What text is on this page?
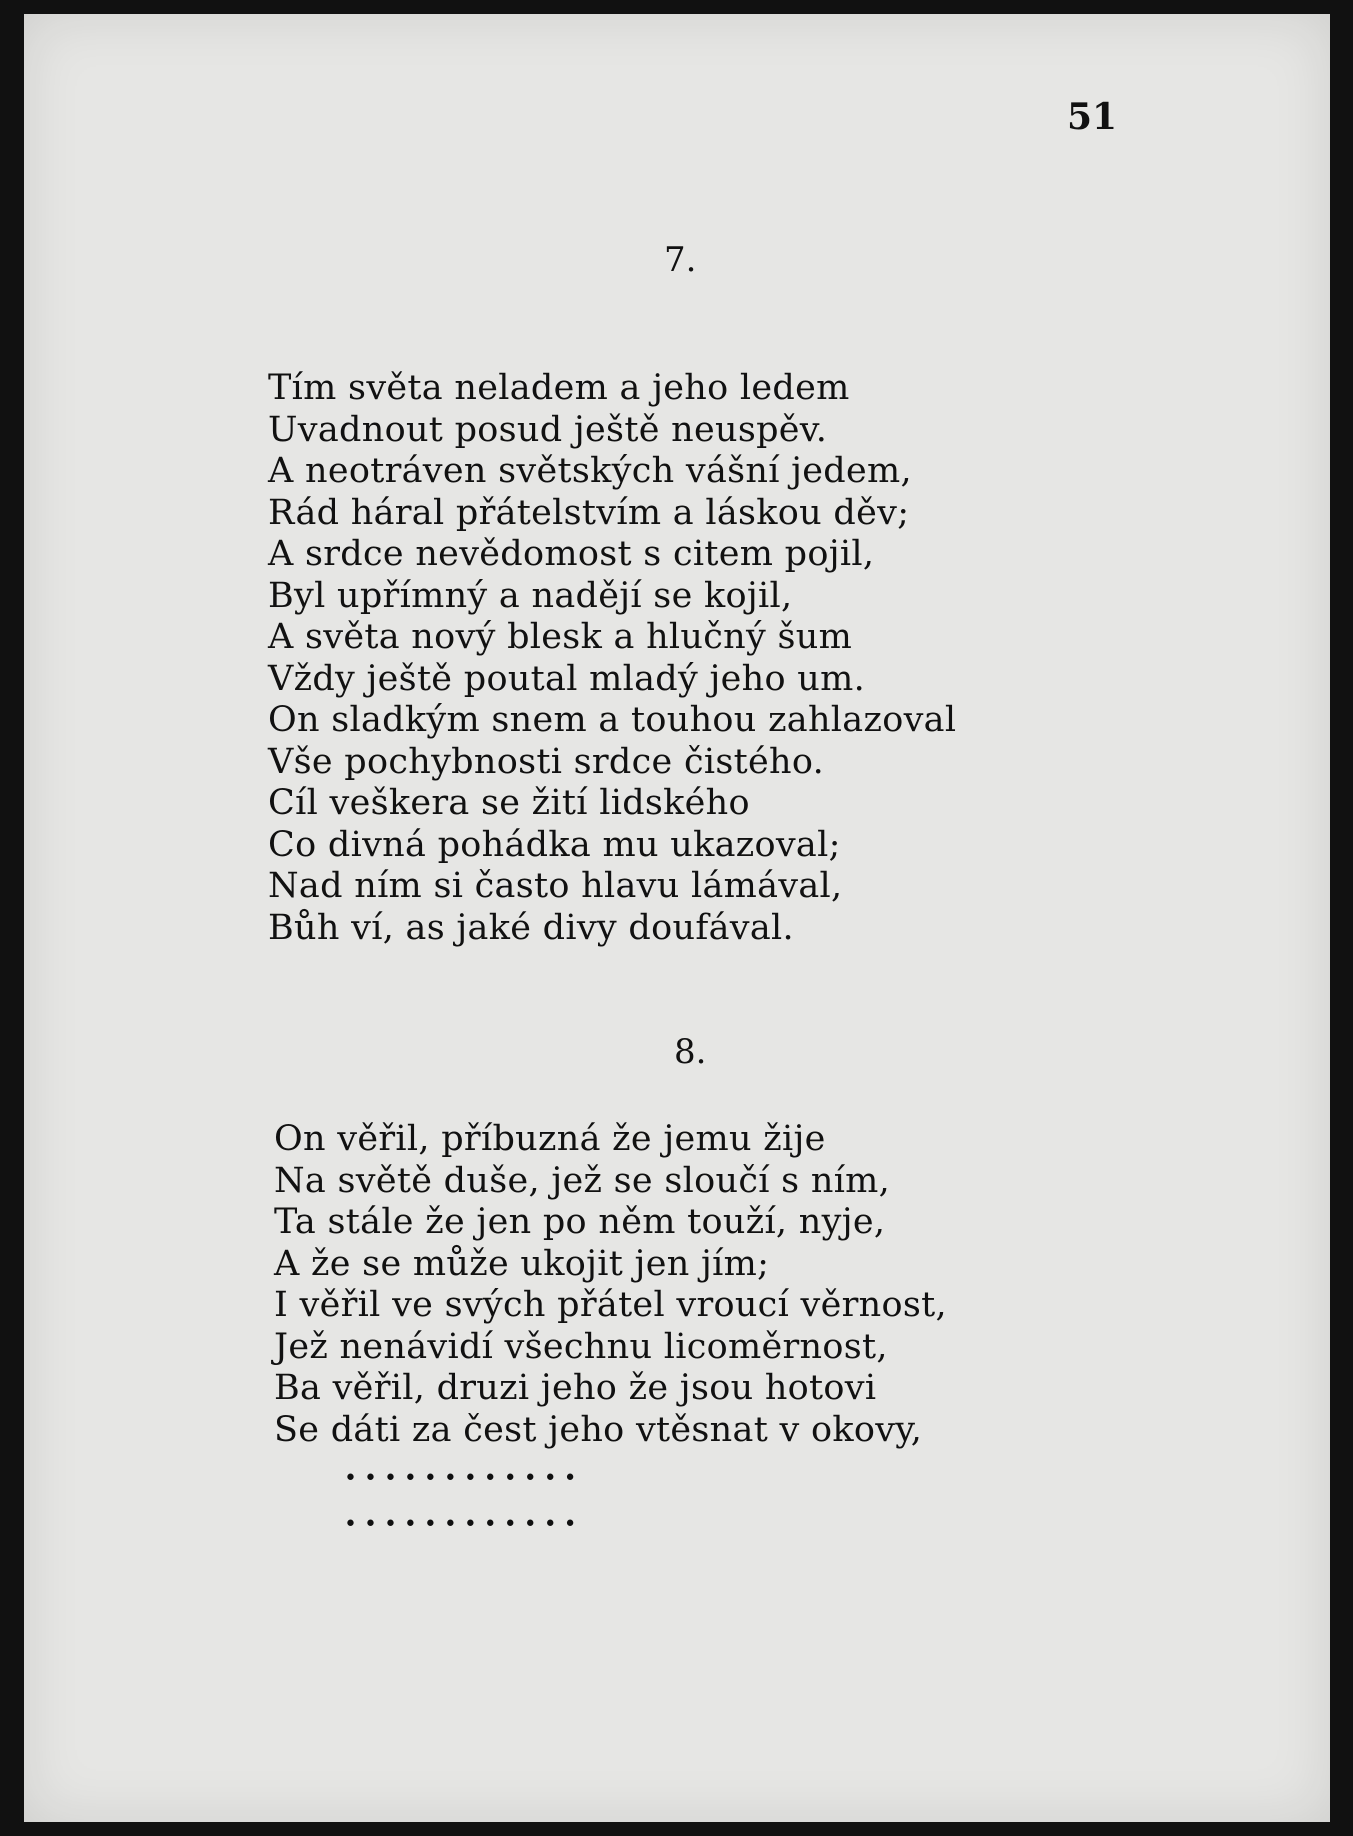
51
7.
Tím světa neladem a jeho ledem
Uvadnout posud ještě neuspěv.
A neotráven světských vášní jedem,
Rád háral přátelstvím a láskou děv;
A srdce nevědomost s citem pojil,
Byl upřímný a nadějí se kojil,
A světa nový blesk a hlučný šum
Vždy ještě poutal mladý jeho um.
On sladkým snem a touhou zahlazoval
Vše pochybnosti srdce čistého.
Cíl veškera se žití lidského
Co divná pohádka mu ukazoval;
Nad ním si často hlavu lámával,
Bůh ví, as jaké divy doufával.
8.
On věřil, příbuzná že jemu žije
Na světě duše, jež se sloučí s ním,
Ta stále že jen po něm touží, nyje,
A že se může ukojit jen jím;
I věřil ve svých přátel vroucí věrnost,
Jež nenávidí všechnu licoměrnost,
Ba věřil, druzi jeho že jsou hotovi
Se dáti za čest jeho vtěsnat v okovy,
• • • • • • • • • • • •
• • • • • • • • • • • •
